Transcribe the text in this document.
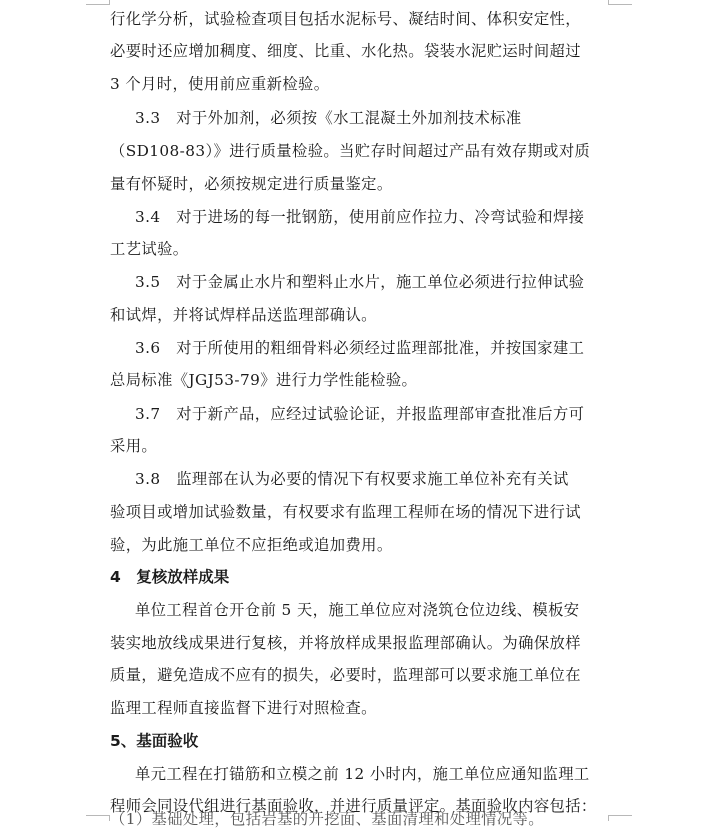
行化学分析，试验检查项目包括水泥标号、凝结时间、体积安定性，
必要时还应增加稠度、细度、比重、水化热。袋装水泥贮运时间超过
3 个月时，使用前应重新检验。
3.3　对于外加剂，必须按《水工混凝土外加剂技术标准
（SD108-83）》进行质量检验。当贮存时间超过产品有效存期或对质
量有怀疑时，必须按规定进行质量鉴定。
3.4　对于进场的每一批钢筋，使用前应作拉力、冷弯试验和焊接
工艺试验。
3.5　对于金属止水片和塑料止水片，施工单位必须进行拉伸试验
和试焊，并将试焊样品送监理部确认。
3.6　对于所使用的粗细骨料必须经过监理部批准，并按国家建工
总局标准《JGJ53-79》进行力学性能检验。
3.7　对于新产品，应经过试验论证，并报监理部审查批准后方可
采用。
3.8　监理部在认为必要的情况下有权要求施工单位补充有关试
验项目或增加试验数量，有权要求有监理工程师在场的情况下进行试
验，为此施工单位不应拒绝或追加费用。
4　复核放样成果
单位工程首仓开仓前 5 天，施工单位应对浇筑仓位边线、模板安
装实地放线成果进行复核，并将放样成果报监理部确认。为确保放样
质量，避免造成不应有的损失，必要时，监理部可以要求施工单位在
监理工程师直接监督下进行对照检查。
5、基面验收
单元工程在打锚筋和立模之前 12 小时内，施工单位应通知监理工
程师会同设代组进行基面验收，并进行质量评定。基面验收内容包括：
（1）基础处理，包括岩基的开挖面、基面清理和处理情况等。
